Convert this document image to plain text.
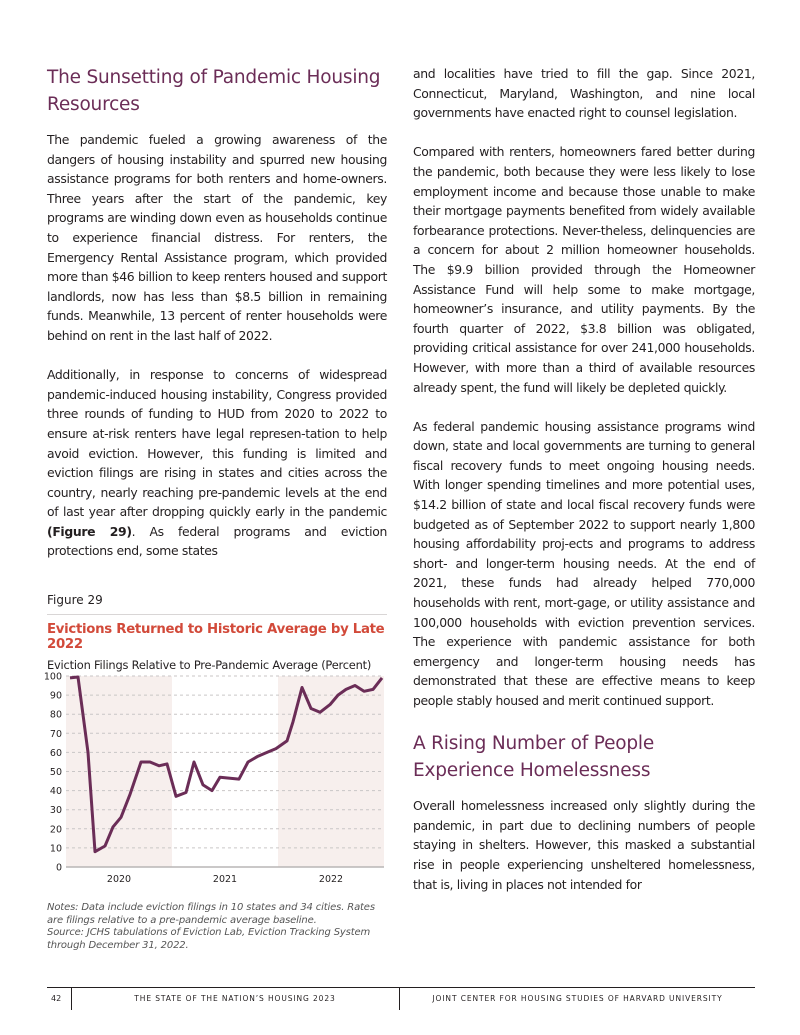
The Sunsetting of Pandemic Housing Resources

The pandemic fueled a growing awareness of the dangers of housing instability and spurred new housing assistance programs for both renters and home-owners. Three years after the start of the pandemic, key programs are winding down even as households continue to experience financial distress. For renters, the Emergency Rental Assistance program, which provided more than $46 billion to keep renters housed and support landlords, now has less than $8.5 billion in remaining funds. Meanwhile, 13 percent of renter households were behind on rent in the last half of 2022.

Additionally, in response to concerns of widespread pandemic-induced housing instability, Congress provided three rounds of funding to HUD from 2020 to 2022 to ensure at-risk renters have legal represen-tation to help avoid eviction. However, this funding is limited and eviction filings are rising in states and cities across the country, nearly reaching pre-pandemic levels at the end of last year after dropping quickly early in the pandemic (Figure 29). As federal programs and eviction protections end, some states

Figure 29
Evictions Returned to Historic Average by Late 2022
Eviction Filings Relative to Pre-Pandemic Average (Percent)
0
10
20
30
40
50
60
70
80
90
100
2020	2021	2022
Notes: Data include eviction filings in 10 states and 34 cities. Rates are filings relative to a pre-pandemic average baseline.
Source: JCHS tabulations of Eviction Lab, Eviction Tracking System through December 31, 2022.

and localities have tried to fill the gap. Since 2021, Connecticut, Maryland, Washington, and nine local governments have enacted right to counsel legislation.

Compared with renters, homeowners fared better during the pandemic, both because they were less likely to lose employment income and because those unable to make their mortgage payments benefited from widely available forbearance protections. Never-theless, delinquencies are a concern for about 2 million homeowner households. The $9.9 billion provided through the Homeowner Assistance Fund will help some to make mortgage, homeowner’s insurance, and utility payments. By the fourth quarter of 2022, $3.8 billion was obligated, providing critical assistance for over 241,000 households. However, with more than a third of available resources already spent, the fund will likely be depleted quickly.

As federal pandemic housing assistance programs wind down, state and local governments are turning to general fiscal recovery funds to meet ongoing housing needs. With longer spending timelines and more potential uses, $14.2 billion of state and local fiscal recovery funds were budgeted as of September 2022 to support nearly 1,800 housing affordability proj-ects and programs to address short- and longer-term housing needs. At the end of 2021, these funds had already helped 770,000 households with rent, mort-gage, or utility assistance and 100,000 households with eviction prevention services. The experience with pandemic assistance for both emergency and longer-term housing needs has demonstrated that these are effective means to keep people stably housed and merit continued support.

A Rising Number of People Experience Homelessness

Overall homelessness increased only slightly during the pandemic, in part due to declining numbers of people staying in shelters. However, this masked a substantial rise in people experiencing unsheltered homelessness, that is, living in places not intended for

42	THE STATE OF THE NATION’S HOUSING 2023	JOINT CENTER FOR HOUSING STUDIES OF HARVARD UNIVERSITY
